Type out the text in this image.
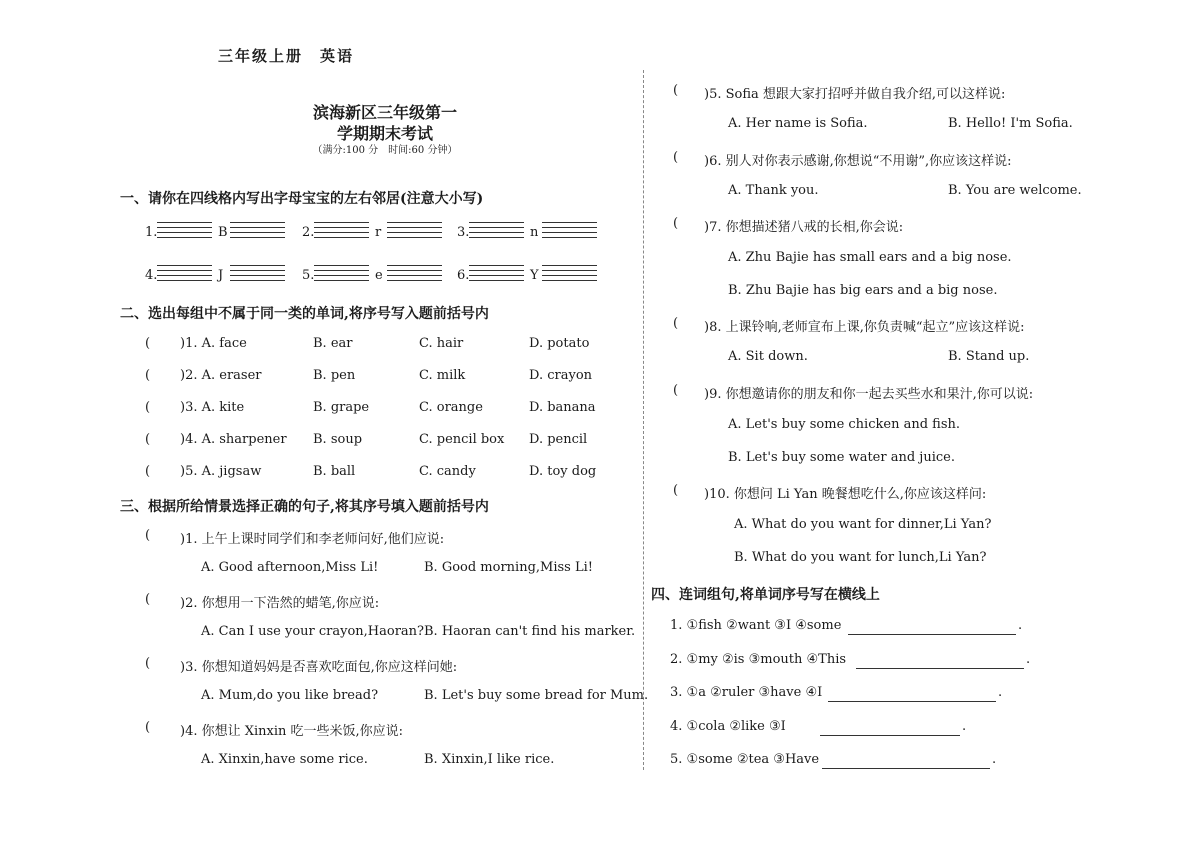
三年级上册　英语
滨海新区三年级第一
学期期末考试
（满分:100 分　时间:60 分钟）
一、请你在四线格内写出字母宝宝的左右邻居(注意大小写)
1.	B	2.	r	3.	n
4.	J	5.	e	6.	Y
二、选出每组中不属于同一类的单词,将序号写入题前括号内
( )1. A. face	B. ear	C. hair	D. potato
( )2. A. eraser	B. pen	C. milk	D. crayon
( )3. A. kite	B. grape	C. orange	D. banana
( )4. A. sharpener B. soup	C. pencil box D. pencil
( )5. A. jigsaw	B. ball	C. candy	D. toy dog
三、根据所给情景选择正确的句子,将其序号填入题前括号内
( )1. 上午上课时同学们和李老师问好,他们应说:
A. Good afternoon,Miss Li!	B. Good morning,Miss Li!
( )2. 你想用一下浩然的蜡笔,你应说:
A. Can I use your crayon,Haoran? B. Haoran can't find his marker.
( )3. 你想知道妈妈是否喜欢吃面包,你应这样问她:
A. Mum,do you like bread?	B. Let's buy some bread for Mum.
( )4. 你想让 Xinxin 吃一些米饭,你应说:
A. Xinxin,have some rice.	B. Xinxin,I like rice.
( )5. Sofia 想跟大家打招呼并做自我介绍,可以这样说:
A. Her name is Sofia.	B. Hello! I'm Sofia.
( )6. 别人对你表示感谢,你想说“不用谢”,你应该这样说:
A. Thank you.	B. You are welcome.
( )7. 你想描述猪八戒的长相,你会说:
A. Zhu Bajie has small ears and a big nose.
B. Zhu Bajie has big ears and a big nose.
( )8. 上课铃响,老师宣布上课,你负责喊“起立”应该这样说:
A. Sit down.	B. Stand up.
( )9. 你想邀请你的朋友和你一起去买些水和果汁,你可以说:
A. Let's buy some chicken and fish.
B. Let's buy some water and juice.
( )10. 你想问 Li Yan 晚餐想吃什么,你应该这样问:
A. What do you want for dinner,Li Yan?
B. What do you want for lunch,Li Yan?
四、连词组句,将单词序号写在横线上
1. ①fish ②want ③I ④some	.
2. ①my ②is ③mouth ④This	.
3. ①a ②ruler ③have ④I	.
4. ①cola ②like ③I	.
5. ①some ②tea ③Have	.
